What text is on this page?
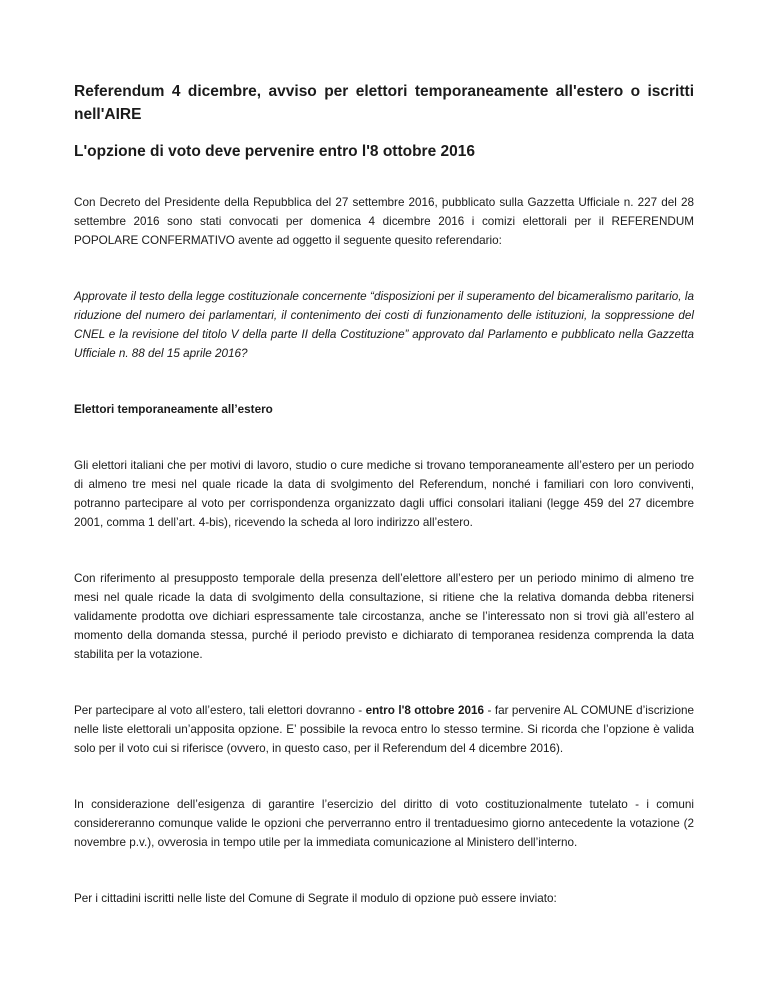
Referendum 4 dicembre, avviso per elettori temporaneamente all'estero o iscritti nell'AIRE
L'opzione di voto deve pervenire entro l'8 ottobre 2016

Con Decreto del Presidente della Repubblica del 27 settembre 2016, pubblicato sulla Gazzetta Ufficiale n. 227 del 28 settembre 2016 sono stati convocati per domenica 4 dicembre 2016 i comizi elettorali per il REFERENDUM POPOLARE CONFERMATIVO avente ad oggetto il seguente quesito referendario:

Approvate il testo della legge costituzionale concernente “disposizioni per il superamento del bicameralismo paritario, la riduzione del numero dei parlamentari, il contenimento dei costi di funzionamento delle istituzioni, la soppressione del CNEL e la revisione del titolo V della parte II della Costituzione” approvato dal Parlamento e pubblicato nella Gazzetta Ufficiale n. 88 del 15 aprile 2016?

Elettori temporaneamente all’estero

Gli elettori italiani che per motivi di lavoro, studio o cure mediche si trovano temporaneamente all’estero per un periodo di almeno tre mesi nel quale ricade la data di svolgimento del Referendum, nonché i familiari con loro conviventi, potranno partecipare al voto per corrispondenza organizzato dagli uffici consolari italiani (legge 459 del 27 dicembre 2001, comma 1 dell’art. 4-bis), ricevendo la scheda al loro indirizzo all’estero.

Con riferimento al presupposto temporale della presenza dell’elettore all’estero per un periodo minimo di almeno tre mesi nel quale ricade la data di svolgimento della consultazione, si ritiene che la relativa domanda debba ritenersi validamente prodotta ove dichiari espressamente tale circostanza, anche se l’interessato non si trovi già all’estero al momento della domanda stessa, purché il periodo previsto e dichiarato di temporanea residenza comprenda la data stabilita per la votazione.

Per partecipare al voto all’estero, tali elettori dovranno - entro l'8 ottobre 2016 - far pervenire AL COMUNE d’iscrizione nelle liste elettorali un’apposita opzione. E’ possibile la revoca entro lo stesso termine. Si ricorda che l’opzione è valida solo per il voto cui si riferisce (ovvero, in questo caso, per il Referendum del 4 dicembre 2016).

In considerazione dell’esigenza di garantire l’esercizio del diritto di voto costituzionalmente tutelato - i comuni considereranno comunque valide le opzioni che perverranno entro il trentaduesimo giorno antecedente la votazione (2 novembre p.v.), ovverosia in tempo utile per la immediata comunicazione al Ministero dell’interno.

Per i cittadini iscritti nelle liste del Comune di Segrate il modulo di opzione può essere inviato:
